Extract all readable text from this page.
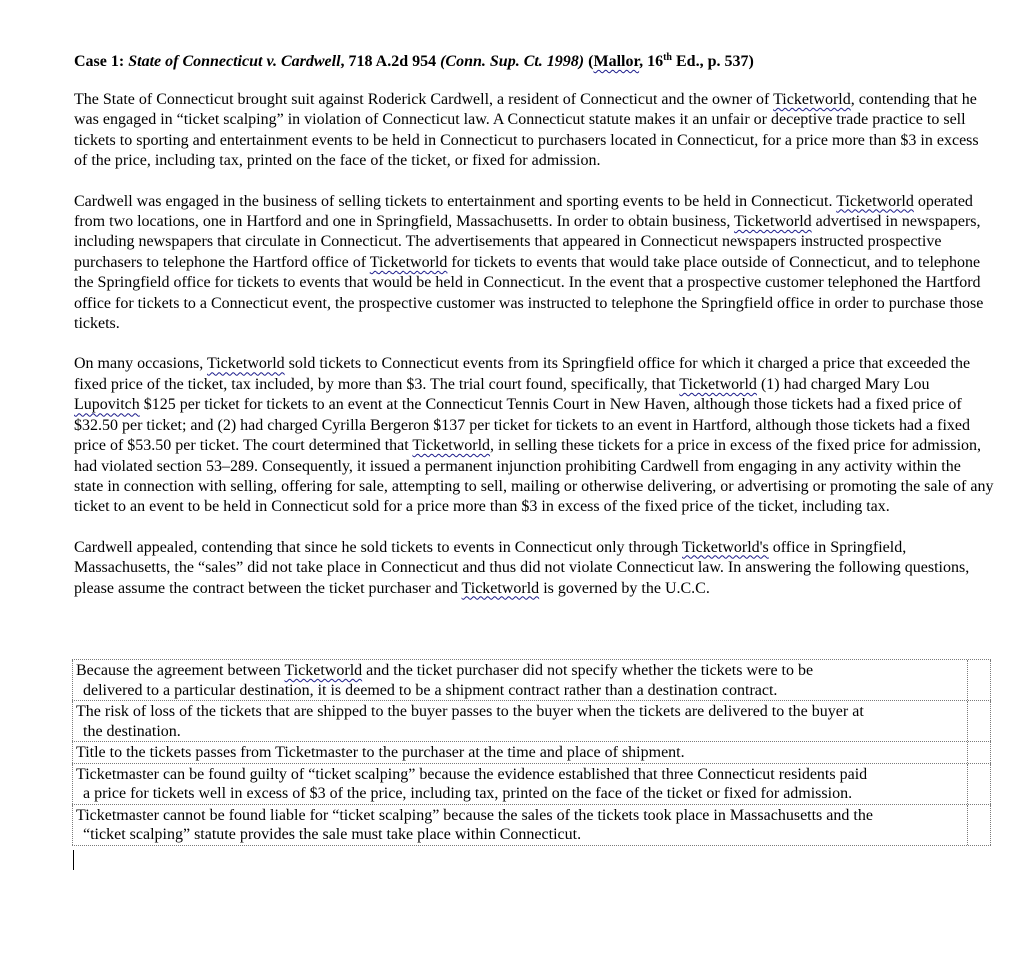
Case 1: State of Connecticut v. Cardwell, 718 A.2d 954 (Conn. Sup. Ct. 1998) (Mallor, 16th Ed., p. 537)

The State of Connecticut brought suit against Roderick Cardwell, a resident of Connecticut and the owner of Ticketworld, contending that he was engaged in “ticket scalping” in violation of Connecticut law. A Connecticut statute makes it an unfair or deceptive trade practice to sell tickets to sporting and entertainment events to be held in Connecticut to purchasers located in Connecticut, for a price more than $3 in excess of the price, including tax, printed on the face of the ticket, or fixed for admission.

Cardwell was engaged in the business of selling tickets to entertainment and sporting events to be held in Connecticut. Ticketworld operated from two locations, one in Hartford and one in Springfield, Massachusetts. In order to obtain business, Ticketworld advertised in newspapers, including newspapers that circulate in Connecticut. The advertisements that appeared in Connecticut newspapers instructed prospective purchasers to telephone the Hartford office of Ticketworld for tickets to events that would take place outside of Connecticut, and to telephone the Springfield office for tickets to events that would be held in Connecticut. In the event that a prospective customer telephoned the Hartford office for tickets to a Connecticut event, the prospective customer was instructed to telephone the Springfield office in order to purchase those tickets.

On many occasions, Ticketworld sold tickets to Connecticut events from its Springfield office for which it charged a price that exceeded the fixed price of the ticket, tax included, by more than $3. The trial court found, specifically, that Ticketworld (1) had charged Mary Lou Lupovitch $125 per ticket for tickets to an event at the Connecticut Tennis Court in New Haven, although those tickets had a fixed price of $32.50 per ticket; and (2) had charged Cyrilla Bergeron $137 per ticket for tickets to an event in Hartford, although those tickets had a fixed price of $53.50 per ticket. The court determined that Ticketworld, in selling these tickets for a price in excess of the fixed price for admission, had violated section 53–289. Consequently, it issued a permanent injunction prohibiting Cardwell from engaging in any activity within the state in connection with selling, offering for sale, attempting to sell, mailing or otherwise delivering, or advertising or promoting the sale of any ticket to an event to be held in Connecticut sold for a price more than $3 in excess of the fixed price of the ticket, including tax.

Cardwell appealed, contending that since he sold tickets to events in Connecticut only through Ticketworld's office in Springfield, Massachusetts, the “sales” did not take place in Connecticut and thus did not violate Connecticut law. In answering the following questions, please assume the contract between the ticket purchaser and Ticketworld is governed by the U.C.C.

Because the agreement between Ticketworld and the ticket purchaser did not specify whether the tickets were to be
delivered to a particular destination, it is deemed to be a shipment contract rather than a destination contract.
The risk of loss of the tickets that are shipped to the buyer passes to the buyer when the tickets are delivered to the buyer at
the destination.
Title to the tickets passes from Ticketmaster to the purchaser at the time and place of shipment.
Ticketmaster can be found guilty of “ticket scalping” because the evidence established that three Connecticut residents paid
a price for tickets well in excess of $3 of the price, including tax, printed on the face of the ticket or fixed for admission.
Ticketmaster cannot be found liable for “ticket scalping” because the sales of the tickets took place in Massachusetts and the
“ticket scalping” statute provides the sale must take place within Connecticut.
